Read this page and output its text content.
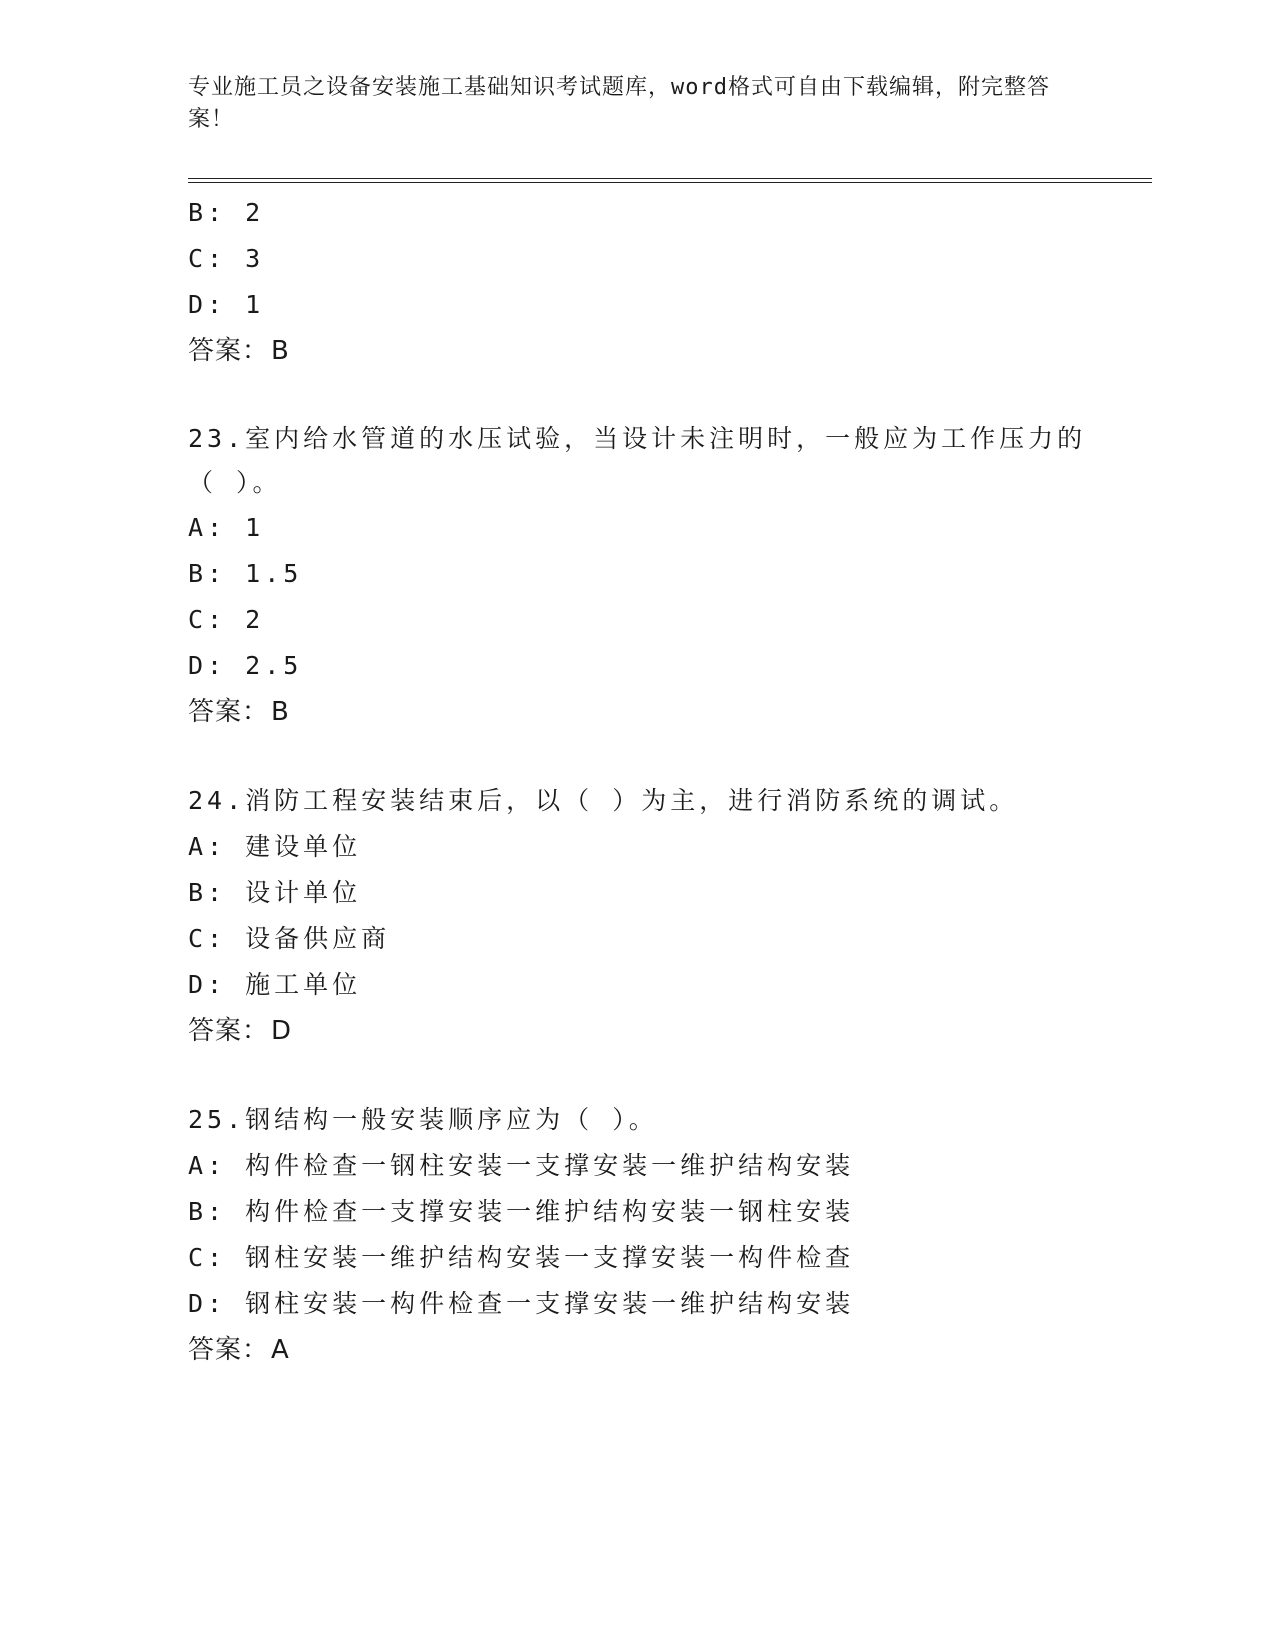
专业施工员之设备安装施工基础知识考试题库，word格式可自由下载编辑，附完整答案！
B: 2
C: 3
D: 1
答案：B
23.室内给水管道的水压试验，当设计未注明时，一般应为工作压力的（ ）。
A: 1
B: 1.5
C: 2
D: 2.5
答案：B
24.消防工程安装结束后，以（ ）为主，进行消防系统的调试。
A: 建设单位
B: 设计单位
C: 设备供应商
D: 施工单位
答案：D
25.钢结构一般安装顺序应为（ ）。
A: 构件检查一钢柱安装一支撑安装一维护结构安装
B: 构件检查一支撑安装一维护结构安装一钢柱安装
C: 钢柱安装一维护结构安装一支撑安装一构件检查
D: 钢柱安装一构件检查一支撑安装一维护结构安装
答案：A
